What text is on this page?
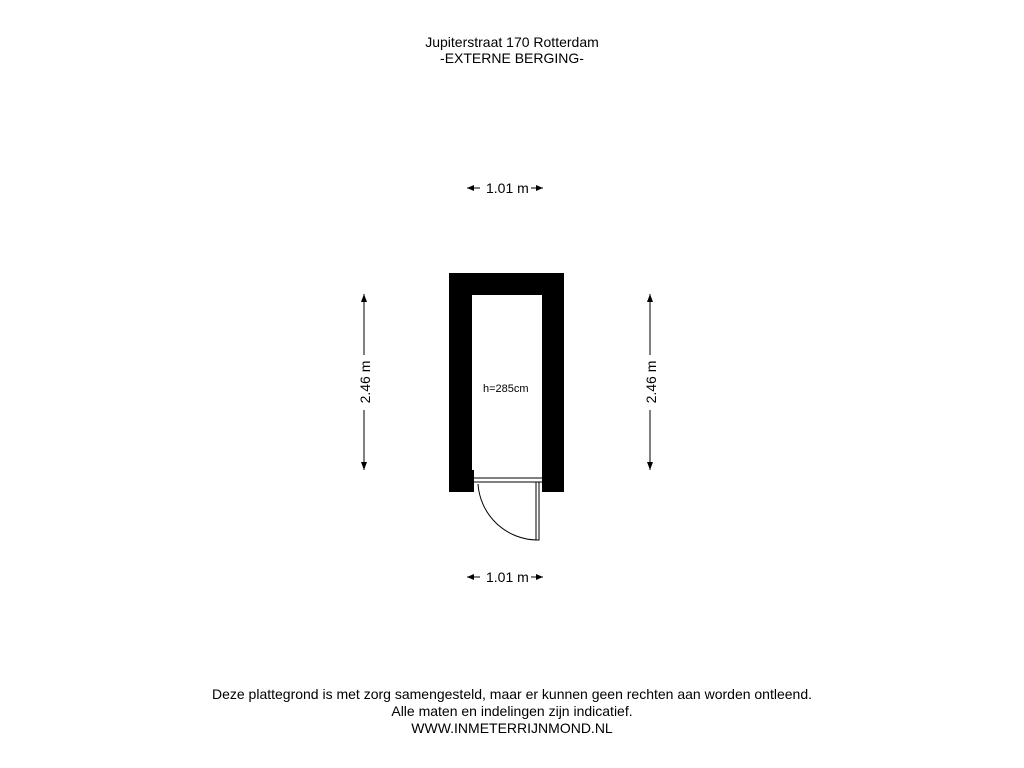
Jupiterstraat 170 Rotterdam
-EXTERNE BERGING-
1.01 m
1.01 m
2.46 m	2.46 m
h=285cm
Deze plattegrond is met zorg samengesteld, maar er kunnen geen rechten aan worden ontleend.
Alle maten en indelingen zijn indicatief.
WWW.INMETERRIJNMOND.NL
